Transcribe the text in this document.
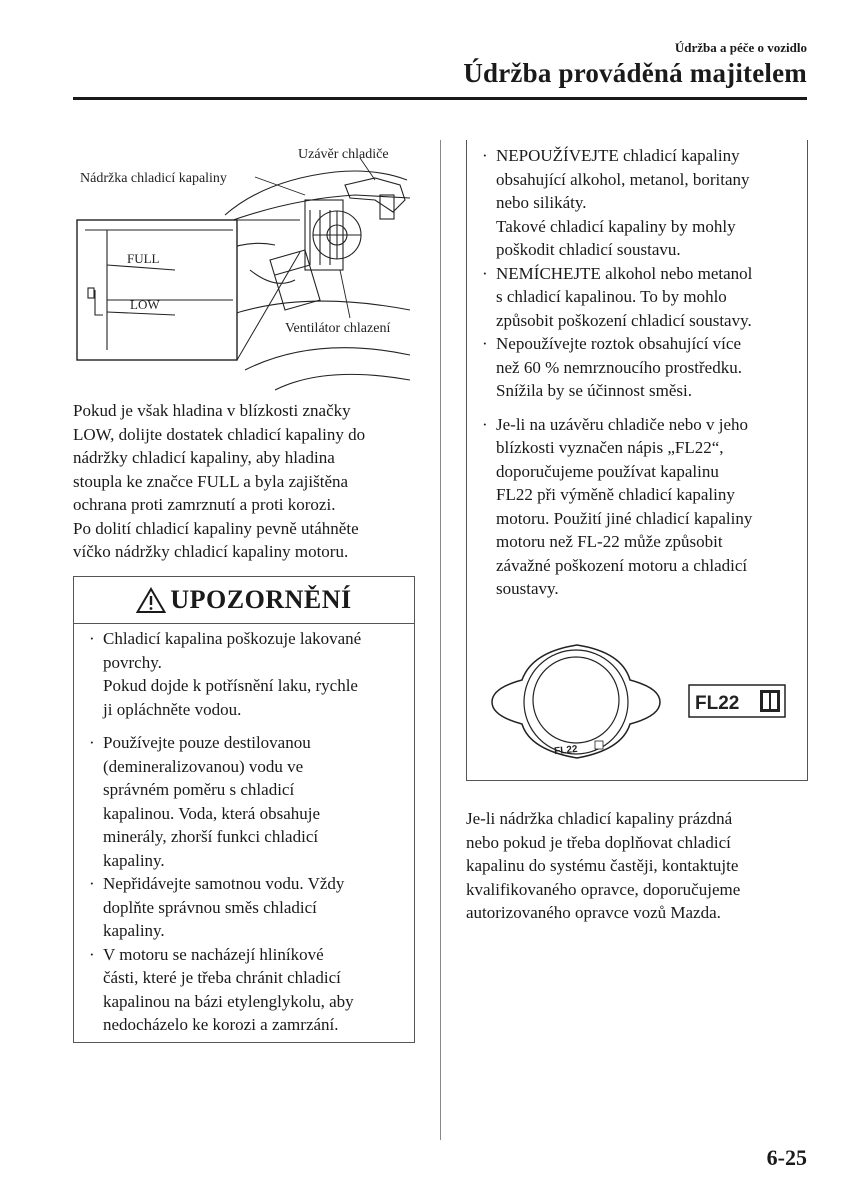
Údržba a péče o vozidlo
Údržba prováděná majitelem
FULL
LOW
Uzávěr chladiče
Nádržka chladicí kapaliny
Ventilátor chlazení
Pokud je však hladina v blízkosti značky
LOW, dolijte dostatek chladicí kapaliny do
nádržky chladicí kapaliny, aby hladina
stoupla ke značce FULL a byla zajištěna
ochrana proti zamrznutí a proti korozi.
Po dolití chladicí kapaliny pevně utáhněte
víčko nádržky chladicí kapaliny motoru.
UPOZORNĚNÍ
· Chladicí kapalina poškozuje lakované
povrchy.
Pokud dojde k potřísnění laku, rychle
ji opláchněte vodou.
· Používejte pouze destilovanou
(demineralizovanou) vodu ve
správném poměru s chladicí
kapalinou. Voda, která obsahuje
minerály, zhorší funkci chladicí
kapaliny.
· Nepřidávejte samotnou vodu. Vždy
doplňte správnou směs chladicí
kapaliny.
· V motoru se nacházejí hliníkové
části, které je třeba chránit chladicí
kapalinou na bázi etylenglykolu, aby
nedocházelo ke korozi a zamrzání.
· NEPOUŽÍVEJTE chladicí kapaliny
obsahující alkohol, metanol, boritany
nebo silikáty.
Takové chladicí kapaliny by mohly
poškodit chladicí soustavu.
· NEMÍCHEJTE alkohol nebo metanol
s chladicí kapalinou. To by mohlo
způsobit poškození chladicí soustavy.
· Nepoužívejte roztok obsahující více
než 60 % nemrznoucího prostředku.
Snížila by se účinnost směsi.
· Je-li na uzávěru chladiče nebo v jeho
blízkosti vyznačen nápis „FL22“,
doporučujeme používat kapalinu
FL22 při výměně chladicí kapaliny
motoru. Použití jiné chladicí kapaliny
motoru než FL-22 může způsobit
závažné poškození motoru a chladicí
soustavy.
FL22
FL22
Je-li nádržka chladicí kapaliny prázdná
nebo pokud je třeba doplňovat chladicí
kapalinu do systému častěji, kontaktujte
kvalifikovaného opravce, doporučujeme
autorizovaného opravce vozů Mazda.
6-25
